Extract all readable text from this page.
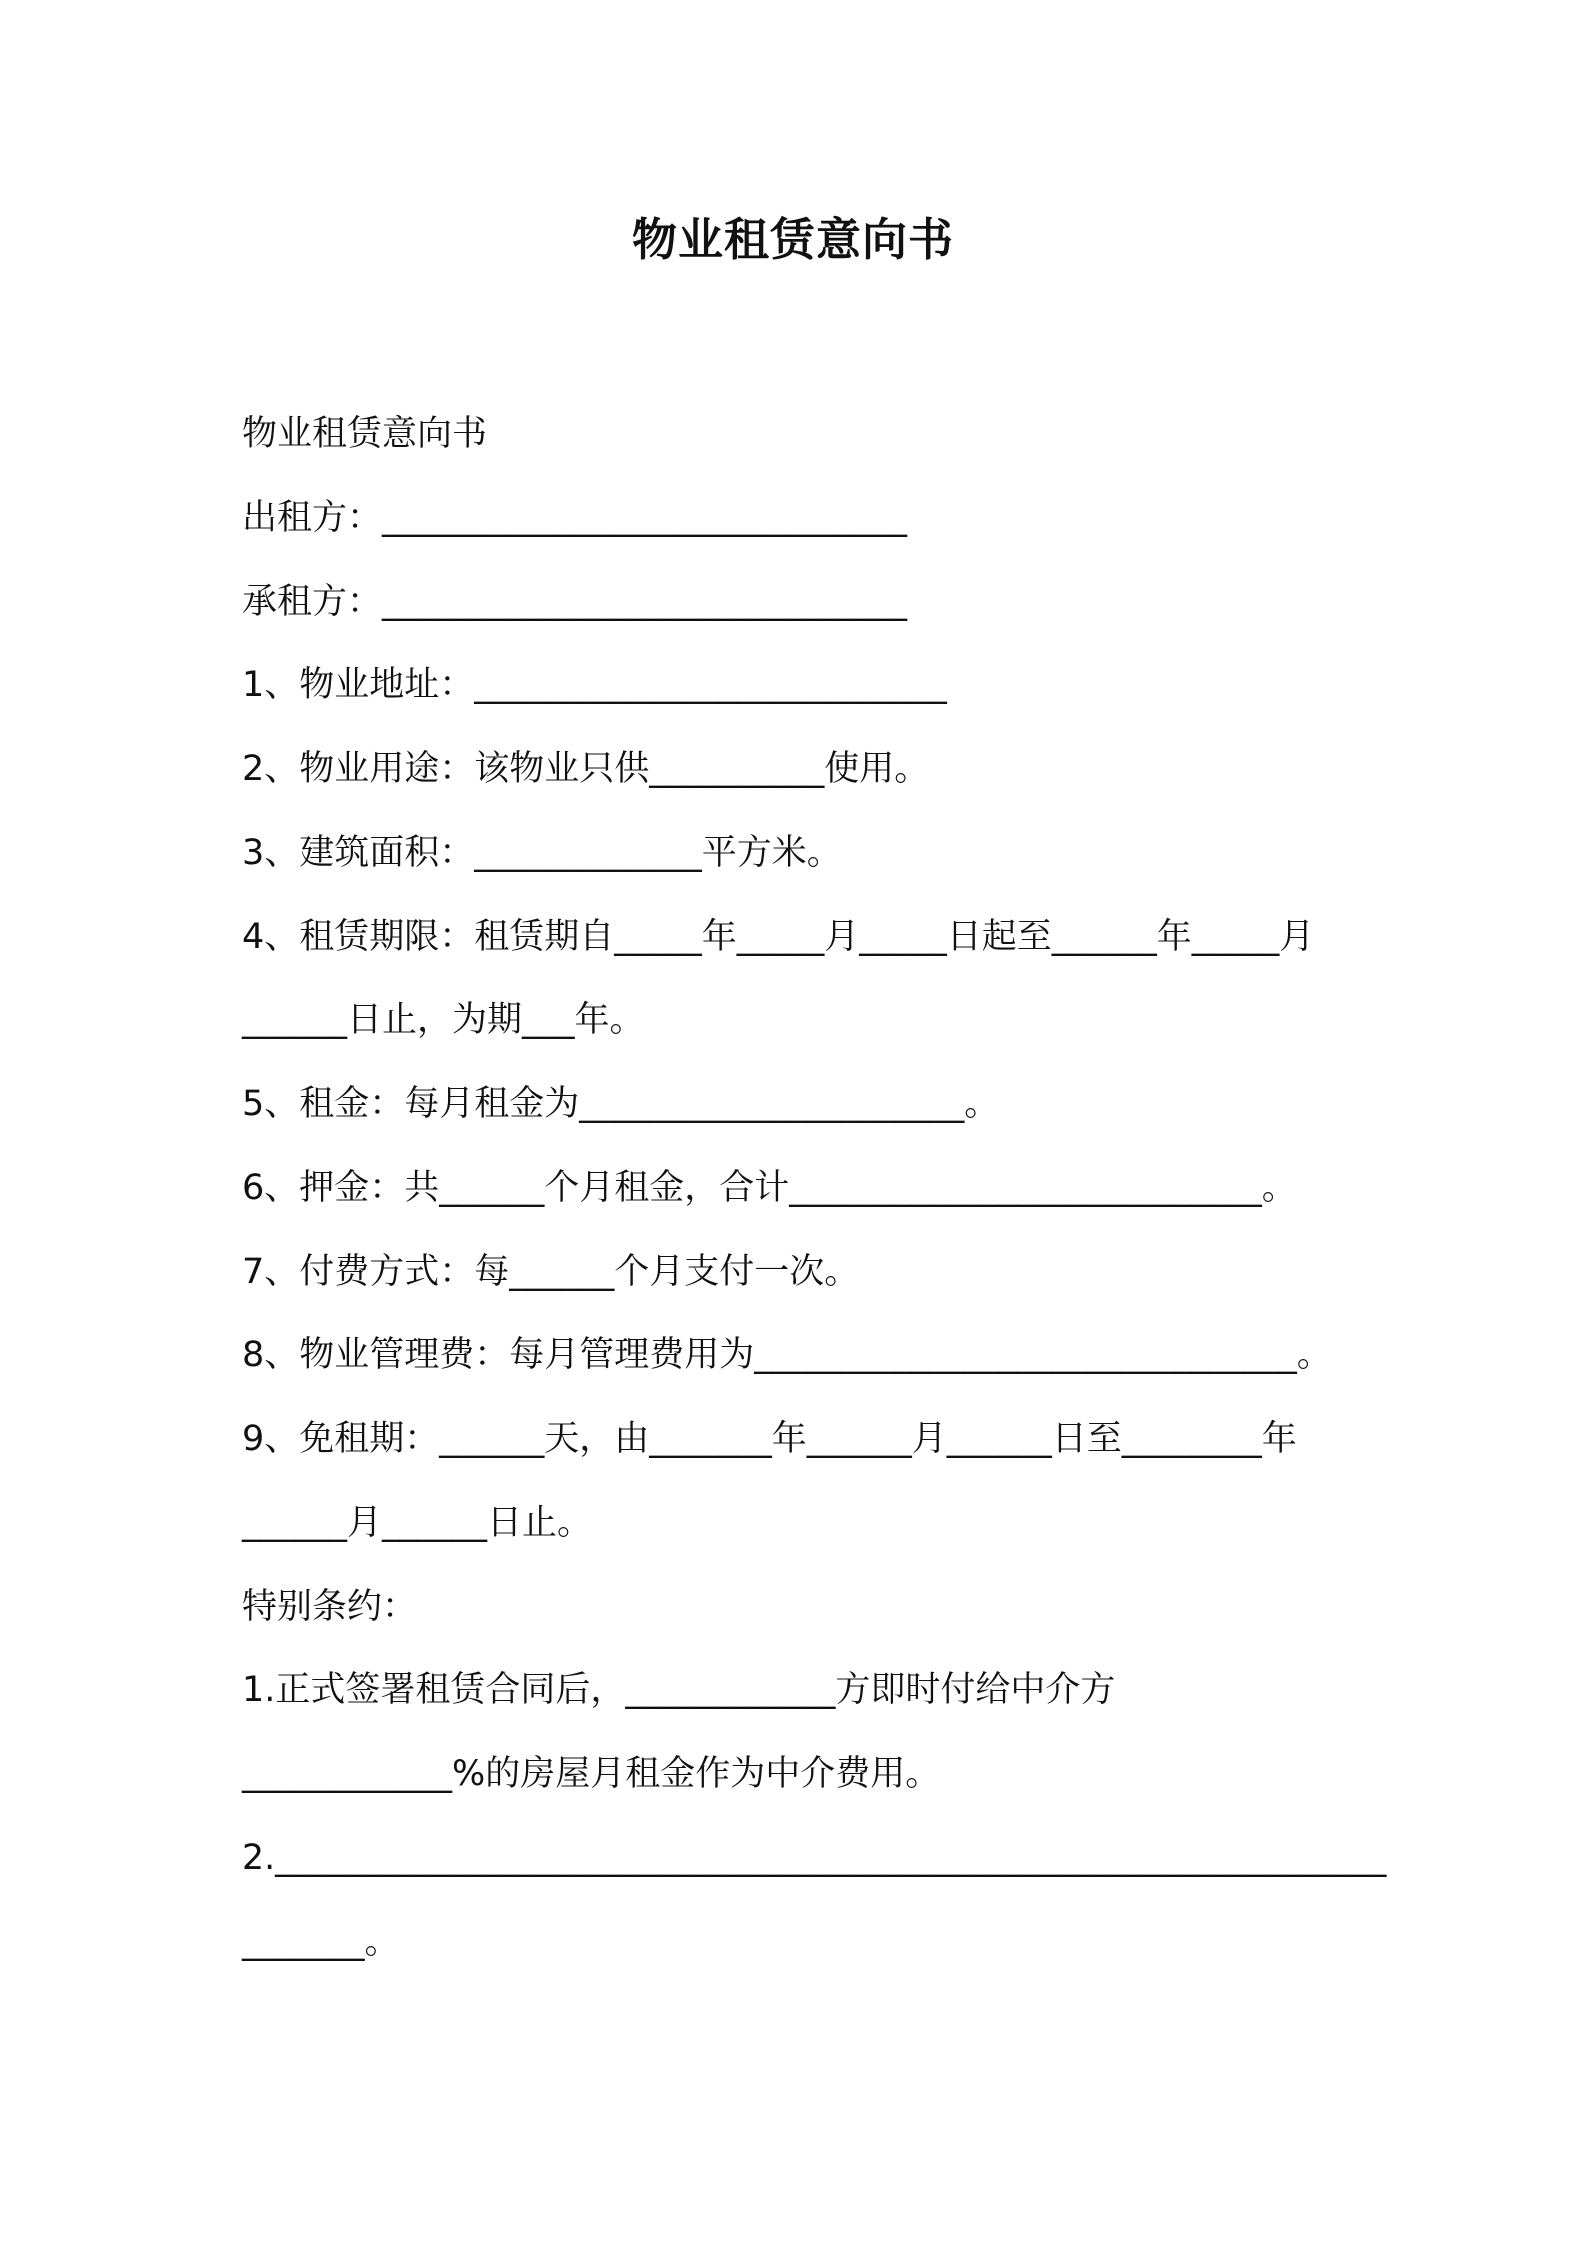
物业租赁意向书
物业租赁意向书
出租方：______________________________
承租方：______________________________
1、物业地址：___________________________
2、物业用途：该物业只供__________使用。
3、建筑面积：_____________平方米。
4、租赁期限：租赁期自_____年_____月_____日起至______年_____月
______日止，为期___年。
5、租金：每月租金为______________________。
6、押金：共______个月租金，合计___________________________。
7、付费方式：每______个月支付一次。
8、物业管理费：每月管理费用为_______________________________。
9、免租期：______天，由_______年______月______日至________年
______月______日止。
特别条约：
1.正式签署租赁合同后，____________方即时付给中介方
____________%的房屋月租金作为中介费用。
2.________________________________________________________________
_______。
